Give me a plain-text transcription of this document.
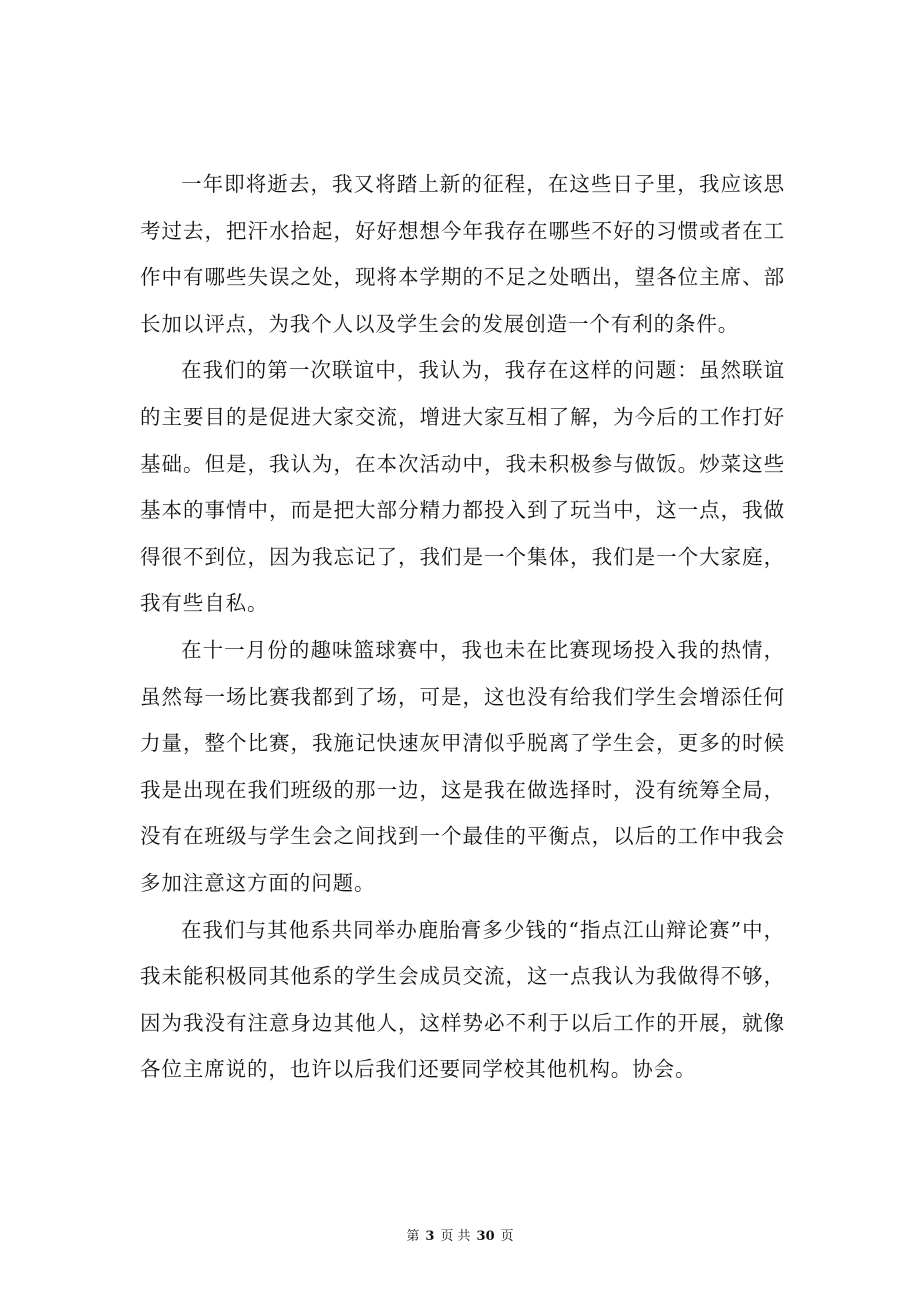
一年即将逝去，我又将踏上新的征程，在这些日子里，我应该思考过去，把汗水拾起，好好想想今年我存在哪些不好的习惯或者在工作中有哪些失误之处，现将本学期的不足之处晒出，望各位主席、部长加以评点，为我个人以及学生会的发展创造一个有利的条件。

在我们的第一次联谊中，我认为，我存在这样的问题：虽然联谊的主要目的是促进大家交流，增进大家互相了解，为今后的工作打好基础。但是，我认为，在本次活动中，我未积极参与做饭。炒菜这些基本的事情中，而是把大部分精力都投入到了玩当中，这一点，我做得很不到位，因为我忘记了，我们是一个集体，我们是一个大家庭，我有些自私。

在十一月份的趣味篮球赛中，我也未在比赛现场投入我的热情，虽然每一场比赛我都到了场，可是，这也没有给我们学生会增添任何力量，整个比赛，我施记快速灰甲清似乎脱离了学生会，更多的时候我是出现在我们班级的那一边，这是我在做选择时，没有统筹全局，没有在班级与学生会之间找到一个最佳的平衡点，以后的工作中我会多加注意这方面的问题。

在我们与其他系共同举办鹿胎膏多少钱的“指点江山辩论赛”中，我未能积极同其他系的学生会成员交流，这一点我认为我做得不够，因为我没有注意身边其他人，这样势必不利于以后工作的开展，就像各位主席说的，也许以后我们还要同学校其他机构。协会。

第 3 页 共 30 页
